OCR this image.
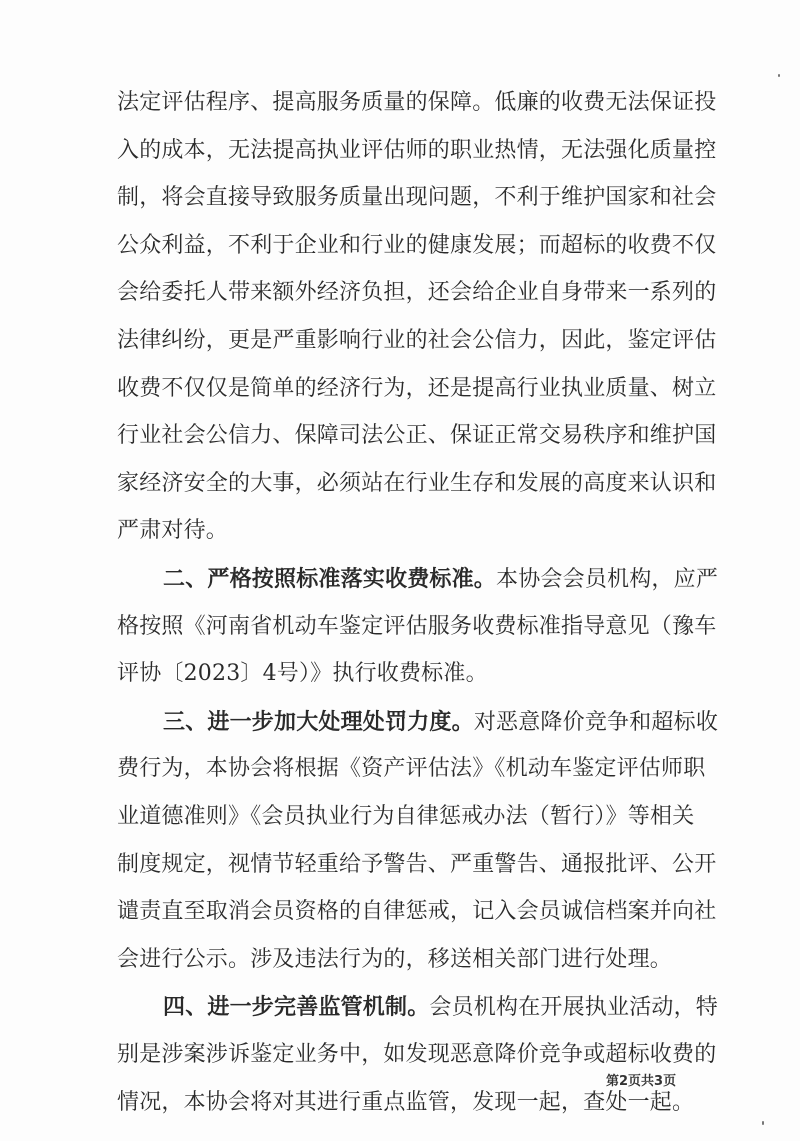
法定评估程序、提高服务质量的保障。低廉的收费无法保证投
入的成本，无法提高执业评估师的职业热情，无法强化质量控
制，将会直接导致服务质量出现问题，不利于维护国家和社会
公众利益，不利于企业和行业的健康发展；而超标的收费不仅
会给委托人带来额外经济负担，还会给企业自身带来一系列的
法律纠纷，更是严重影响行业的社会公信力，因此，鉴定评估
收费不仅仅是简单的经济行为，还是提高行业执业质量、树立
行业社会公信力、保障司法公正、保证正常交易秩序和维护国
家经济安全的大事，必须站在行业生存和发展的高度来认识和
严肃对待。
二、严格按照标准落实收费标准。本协会会员机构，应严
格按照《河南省机动车鉴定评估服务收费标准指导意见（豫车
评协〔2023〕4号）》执行收费标准。
三、进一步加大处理处罚力度。对恶意降价竞争和超标收
费行为，本协会将根据《资产评估法》《机动车鉴定评估师职
业道德准则》《会员执业行为自律惩戒办法（暂行）》等相关
制度规定，视情节轻重给予警告、严重警告、通报批评、公开
谴责直至取消会员资格的自律惩戒，记入会员诚信档案并向社
会进行公示。涉及违法行为的，移送相关部门进行处理。
四、进一步完善监管机制。会员机构在开展执业活动，特
第2页共3页
别是涉案涉诉鉴定业务中，如发现恶意降价竞争或超标收费的
情况，本协会将对其进行重点监管，发现一起，查处一起。
